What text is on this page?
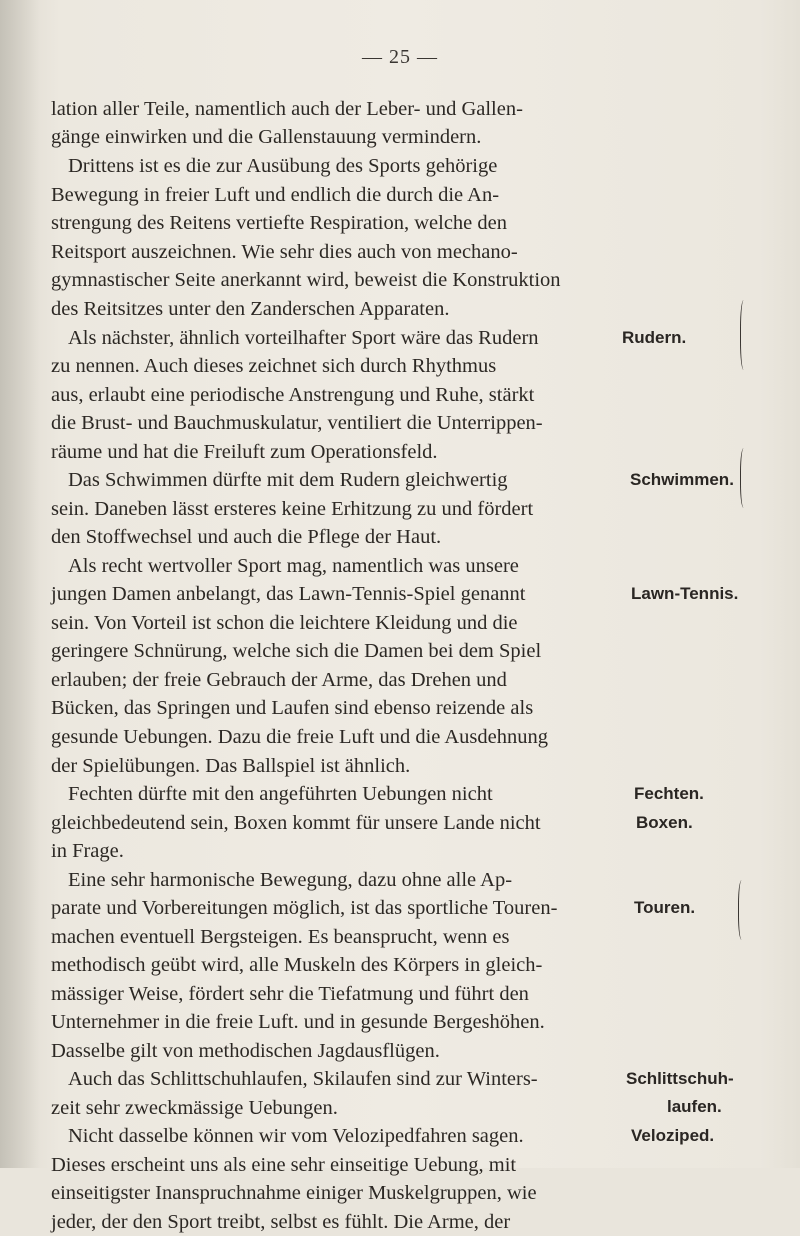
— 25 —
lation aller Teile, namentlich auch der Leber- und Gallen-
gänge einwirken und die Gallenstauung vermindern.
Drittens ist es die zur Ausübung des Sports gehörige
Bewegung in freier Luft und endlich die durch die An-
strengung des Reitens vertiefte Respiration, welche den
Reitsport auszeichnen. Wie sehr dies auch von mechano-
gymnastischer Seite anerkannt wird, beweist die Konstruktion
des Reitsitzes unter den Zanderschen Apparaten.
Als nächster, ähnlich vorteilhafter Sport wäre das Rudern
zu nennen. Auch dieses zeichnet sich durch Rhythmus
aus, erlaubt eine periodische Anstrengung und Ruhe, stärkt
die Brust- und Bauchmuskulatur, ventiliert die Unterrippen-
räume und hat die Freiluft zum Operationsfeld.
Das Schwimmen dürfte mit dem Rudern gleichwertig
sein. Daneben lässt ersteres keine Erhitzung zu und fördert
den Stoffwechsel und auch die Pflege der Haut.
Als recht wertvoller Sport mag, namentlich was unsere
jungen Damen anbelangt, das Lawn-Tennis-Spiel genannt
sein. Von Vorteil ist schon die leichtere Kleidung und die
geringere Schnürung, welche sich die Damen bei dem Spiel
erlauben; der freie Gebrauch der Arme, das Drehen und
Bücken, das Springen und Laufen sind ebenso reizende als
gesunde Uebungen. Dazu die freie Luft und die Ausdehnung
der Spielübungen. Das Ballspiel ist ähnlich.
Fechten dürfte mit den angeführten Uebungen nicht
gleichbedeutend sein, Boxen kommt für unsere Lande nicht
in Frage.
Eine sehr harmonische Bewegung, dazu ohne alle Ap-
parate und Vorbereitungen möglich, ist das sportliche Touren-
machen eventuell Bergsteigen. Es beansprucht, wenn es
methodisch geübt wird, alle Muskeln des Körpers in gleich-
mässiger Weise, fördert sehr die Tiefatmung und führt den
Unternehmer in die freie Luft. und in gesunde Bergeshöhen.
Dasselbe gilt von methodischen Jagdausflügen.
Auch das Schlittschuhlaufen, Skilaufen sind zur Winters-
zeit sehr zweckmässige Uebungen.
Nicht dasselbe können wir vom Velozipedfahren sagen.
Dieses erscheint uns als eine sehr einseitige Uebung, mit
einseitigster Inanspruchnahme einiger Muskelgruppen, wie
jeder, der den Sport treibt, selbst es fühlt. Die Arme, der
Rudern.
Schwimmen.
Lawn-Tennis.
Fechten.
Boxen.
Touren.
Schlittschuh-
laufen.
Veloziped.
